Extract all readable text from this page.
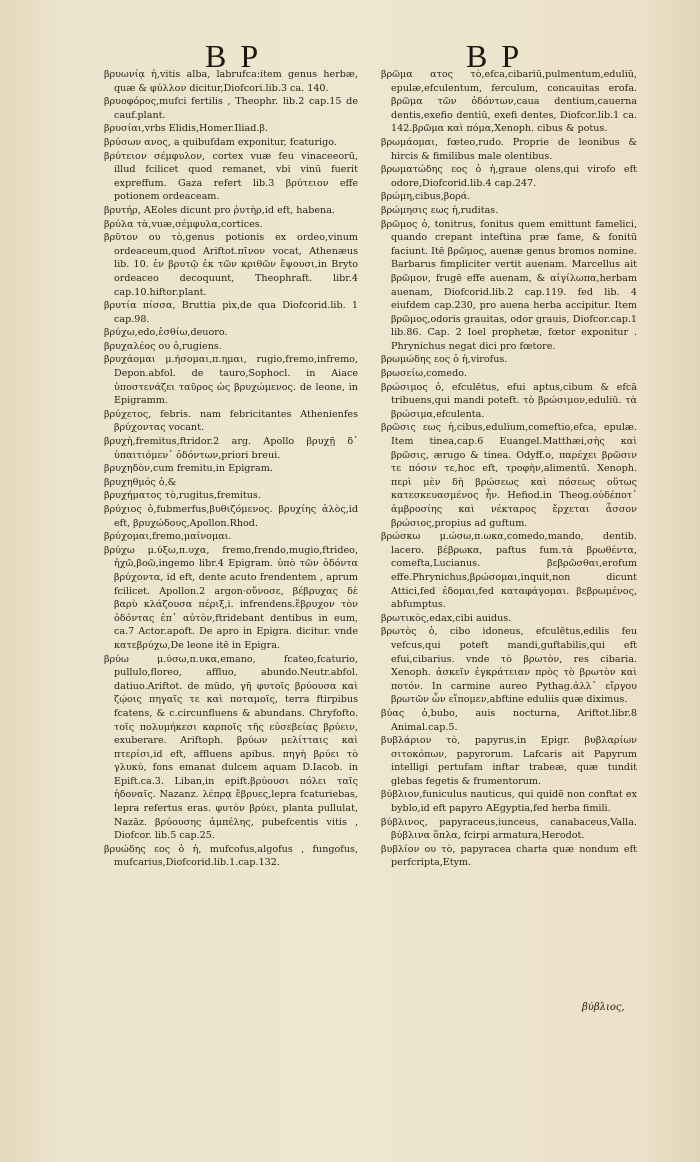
B P	B P

βρυωνίᾳ ἡ,vitis alba, labrufca:item genus herbæ, quæ & φύλλον dicitur,Diofcori.lib.3 ca. 140.

βρυοφόρος,mufci fertilis , Theophr. lib.2 cap.15 de cauf.plant.

βρυσίαι,vrbs Elidis,Homer.Iliad.β.

βρύσων ανος, a quibufdam exponitur, fcaturigo.

βρύτειον σέμφυλον, cortex vuæ feu vinaceeorū, illud fcilicet quod remanet, vbi vinū fuerit expreffum. Gaza refert lib.3 βρύτειον effe potionem ordeaceam.

βρυτήρ, AEoles dicunt pro ῥυτὴρ,id eft, habena.

βρύλα τὰ,vuæ,σέμφυλα,cortices.

βρῦτον ου τὸ,genus potionis ex ordeo,vinum ordeaceum,quod Ariftot.πῖνον vocat, Athenæus lib. 10. ἐν βρυτῷ ἐκ τῶν κριθῶν ἕψουσι,in Bryto ordeaceo decoquunt, Theophraft. libr.4 cap.10.hiftor.plant.

βρυτία πίσσα, Bruttia pix,de qua Diofcorid.lib. 1 cap.98.

βρύχω,edo,ἐσθίω,deuoro.

βρυχαλέος ου ὁ,rugiens.

βρυχάομαι μ.ήσομαι,π.ημαι, rugio,fremo,infremo, Depon.abfol. de tauro,Sophocl. in Aiace ὑποστενάζει ταῦρος ὡς βρυχώμενος. de leone, in Epigramm.

βρύχετος, febris. nam febricitantes Athenienfes βρύχοντας vocant.

βρυχὴ,fremitus,ftridor.2 arg. Apollo βρυχῇ δ᾽ ὑπαιτιόμεν᾽ ὀδόντων,priori breui.

βρυχηδὸν,cum fremitu,in Epigram.

βρυχηθμός ὁ,&

βρυχήματος τὸ,rugitus,fremitus.

βρύχιος ὁ,fubmerfus,βυθιζόμενος. βρυχίης ἁλὸς,id eft, βρυχώδους,Apollon.Rhod.

βρύχομαι,fremo,μαίνομαι.

βρύχω μ.ύξω,π.υχα, fremo,frendo,mugio,ftrideo, ἠχῶ,βοῶ,ingemo libr.4 Epigram. ὑπὸ τῶν ὀδόντα βρύχοντα, id eft, dente acuto frendentem , aprum fcilicet. Apollon.2 argon·οὔνοσε, βέβρυχας δὲ βαρὺ κλάζουσα πέριξ,i. infrendens.ἔβρυχον τὸν ὀδόντας ἐπ᾽ αὐτὸν,ftridebant dentibus in eum, ca.7 Actor.apoft. De apro in Epigra. dicitur. vnde κατεβρύχω,De leone itē in Epigra.

βρύω μ.ύσω,π.υκα,emano, fcateo,fcaturio, pullulo,floreo, affluo, abundo.Neutr.abfol. datiuo.Ariftot. de mūdo, γῆ φυτοῖς βρύουσα καὶ ζῴοις πηγαῖς τε καὶ ποταμοῖς, terra ftirpibus fcatens, & c.circunfluens & abundans. Chryfofto. τοῖς πολυμήκεσι καρποῖς τῆς εὐσεβείας βρύειν, exuberare. Ariftoph. βρύων μελίτταις καὶ πτερίσι,id eft, affluens apibus. πηγὴ βρύει τὸ γλυκύ, fons emanat dulcem aquam D.Iacob. in Epift.ca.3. Liban,in epift.βρύουσι πόλει ταῖς ἡδοναῖς. Nazanz. λέπρᾳ ἔβρυες,lepra fcaturiebas, lepra refertus eras. φυτὸν βρύει, planta pullulat, Nazāz. βρύουσης ἀμπέλης, pubefcentis vitis , Diofcor. lib.5 cap.25.

βρυώδης εος ὁ ἡ, mufcofus,algofus , fungofus, mufcarius,Diofcorid.lib.1.cap.132.

βρῶμα ατος τὸ,efca,cibariū,pulmentum,eduliū, epulæ,efculentum, ferculum, concauitas erofa. βρῶμα τῶν ὀδόντων,caua dentium,cauerna dentis,exefio dentiū, exefi dentes, Diofcor.lib.1 ca. 142.βρῶμα καὶ πόμα,Xenoph. cibus & potus.

βρωμάομαι, fœteo,rudo. Proprie de leonibus & hircis & fimilibus male olentibus.

βρωματώδης εος ὁ ἡ,graue olens,qui virofo eft odore,Diofcorid.lib.4 cap.247.

βρώμη,cibus,βορά.

βρώμησις εως ἡ,ruditas.

βρῶμος ὁ, tonitrus, fonitus quem emittunt famelici, quando crepant inteftina præ fame, & fonitū faciunt. Itē βρῶμος, auenæ genus bromos nomine. Barbarus fimpliciter vertit auenam. Marcellus ait βρῶμον, frugē effe auenam, & αἰγίλωπα,herbam auenam, Diofcorid.lib.2 cap.119. fed lib. 4 eiufdem cap.230, pro auena herba accipitur. Item βρῶμος,odoris grauitas, odor grauis, Diofcor.cap.1 lib.86. Cap. 2 Ioel prophetæ, fœtor exponitur . Phrynichus negat dici pro fœtore.

βρωμώδης εος ὁ ἡ,virofus.

βρωσείω,comedo.

βρώσιμος ὁ, efculētus, efui aptus,cibum & efcā tribuens,qui mandi poteft. τὸ βρώσιμον,eduliū. τὰ βρώσιμα,efculenta.

βρῶσις εως ἡ,cibus,edulium,comeftio,efca, epulæ. Item tinea,cap.6 Euangel.Matthæi,σὴς καὶ βρῶσις, ærugo & tinea. Odyff.ο, παρέχει βρῶσιν τε πόσιν τε,hoc eft, τροφὴν,alimentū. Xenoph. περὶ μὲν δὴ βρώσεως καὶ πόσεως οὕτως κατεσκευασμένος ἦν. Hefiod.in Theog.οὐδέποτ᾽ ἀμβροσίης καὶ νέκταρος ἔρχεται ἆσσον βρώσιος,propius ad guftum.

βρώσκω μ.ώσω,π.ωκα,comedo,mando, dentib. lacero. βέβρωκα, paftus fum.τὰ βρωθέντα, comefta,Lucianus. βεβρῶσθαι,erofum effe.Phrynichus,βρώσομαι,inquit,non dicunt Attici,fed ἐδομαι,fed καταφάγομαι. βεβρωμένος, abfumptus.

βρωτικὸς,edax,cibi auidus.

βρωτὸς ὁ, cibo idoneus, efculētus,edilis feu vefcus,qui poteft mandi,guftabilis,qui eft efui,cibarius. vnde τὸ βρωτὸν, res cibaria. Xenoph. ἀσκεῖν ἐγκράτειαν πρὸς τὸ βρωτὸν καὶ ποτόν. In carmine aureo Pythag.ἀλλ᾽ εἴργου βρωτῶν ὧν εἴπομεν,abftine eduliis quæ diximus.

βύας ὁ,bubo, auis nocturna, Ariftot.libr.8 Animal.cap.5.

βυβλάριον τὸ, papyrus,in Epigr. βυβλαρίων σιτοκόπων, papyrorum. Lafcaris ait Papyrum intelligi pertufam inftar trabeæ, quæ tundit glebas fegetis & frumentorum.

βύβλιον,funiculus nauticus, qui quidē non conftat ex byblo,id eft papyro AEgyptia,fed herba fimili.

βύβλινος, papyraceus,iunceus, canabaceus,Valla. βύβλινα ὅπλα, fcirpi armatura,Herodot.

βυβλίον ου τὸ, papyracea charta quæ nondum eft perfcripta,Etym.

βύβλιος,
